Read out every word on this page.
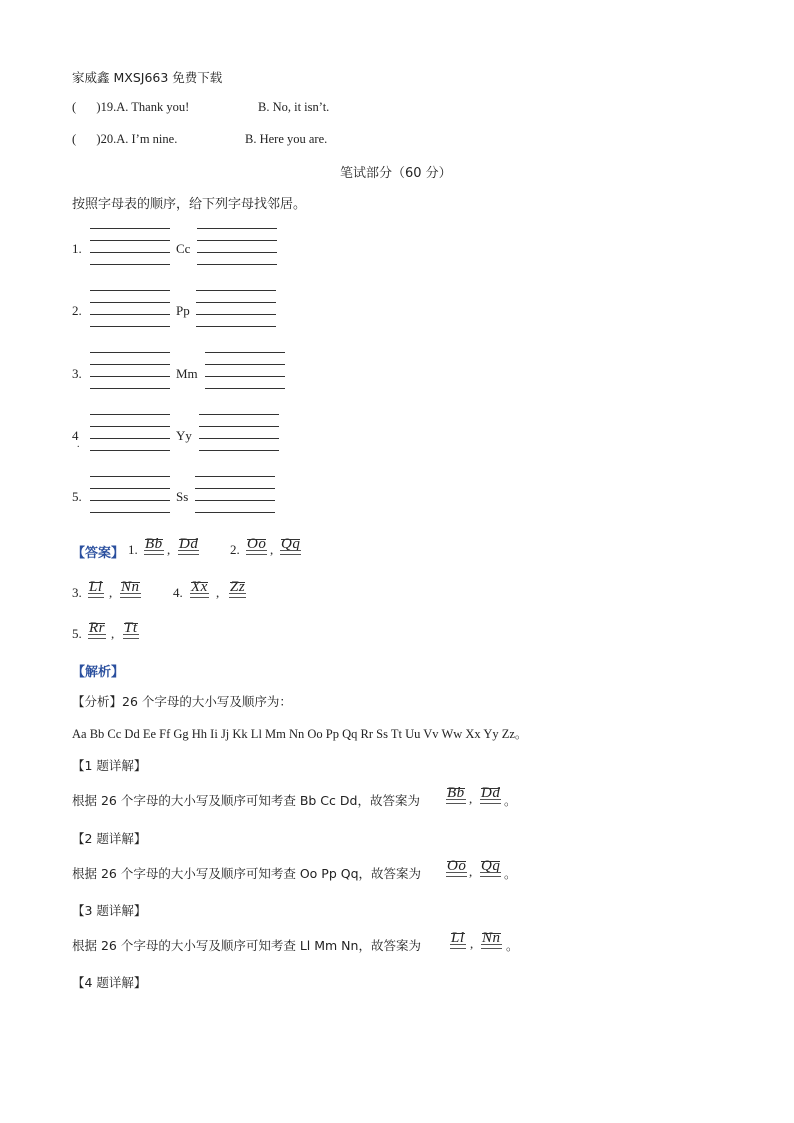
家威鑫 MXSJ663 免费下载
( )19.A. Thank you!	B. No, it isn’t.
( )20.A. I’m nine.	B. Here you are.
笔试部分（60 分）
按照字母表的顺序，给下列字母找邻居。
1.	Cc
2.	Pp
3.	Mm
4
.
Yy
5.	Ss
【答案】 1. Bb , Dd 2. Oo , Qq
3. Ll , Nn	4. Xx , Zz
5. Rr , Tt
【解析】
【分析】26 个字母的大小写及顺序为：
Aa Bb Cc Dd Ee Ff Gg Hh Ii Jj Kk Ll Mm Nn Oo Pp Qq Rr Ss Tt Uu Vv Ww Xx Yy Zz。
【1 题详解】
根据 26 个字母的大小写及顺序可知考查 Bb Cc Dd，故答案为 Bb , Dd 。
【2 题详解】
根据 26 个字母的大小写及顺序可知考查 Oo Pp Qq，故答案为 Oo , Qq 。
【3 题详解】
根据 26 个字母的大小写及顺序可知考查 Ll Mm Nn，故答案为 Ll , Nn 。
【4 题详解】
